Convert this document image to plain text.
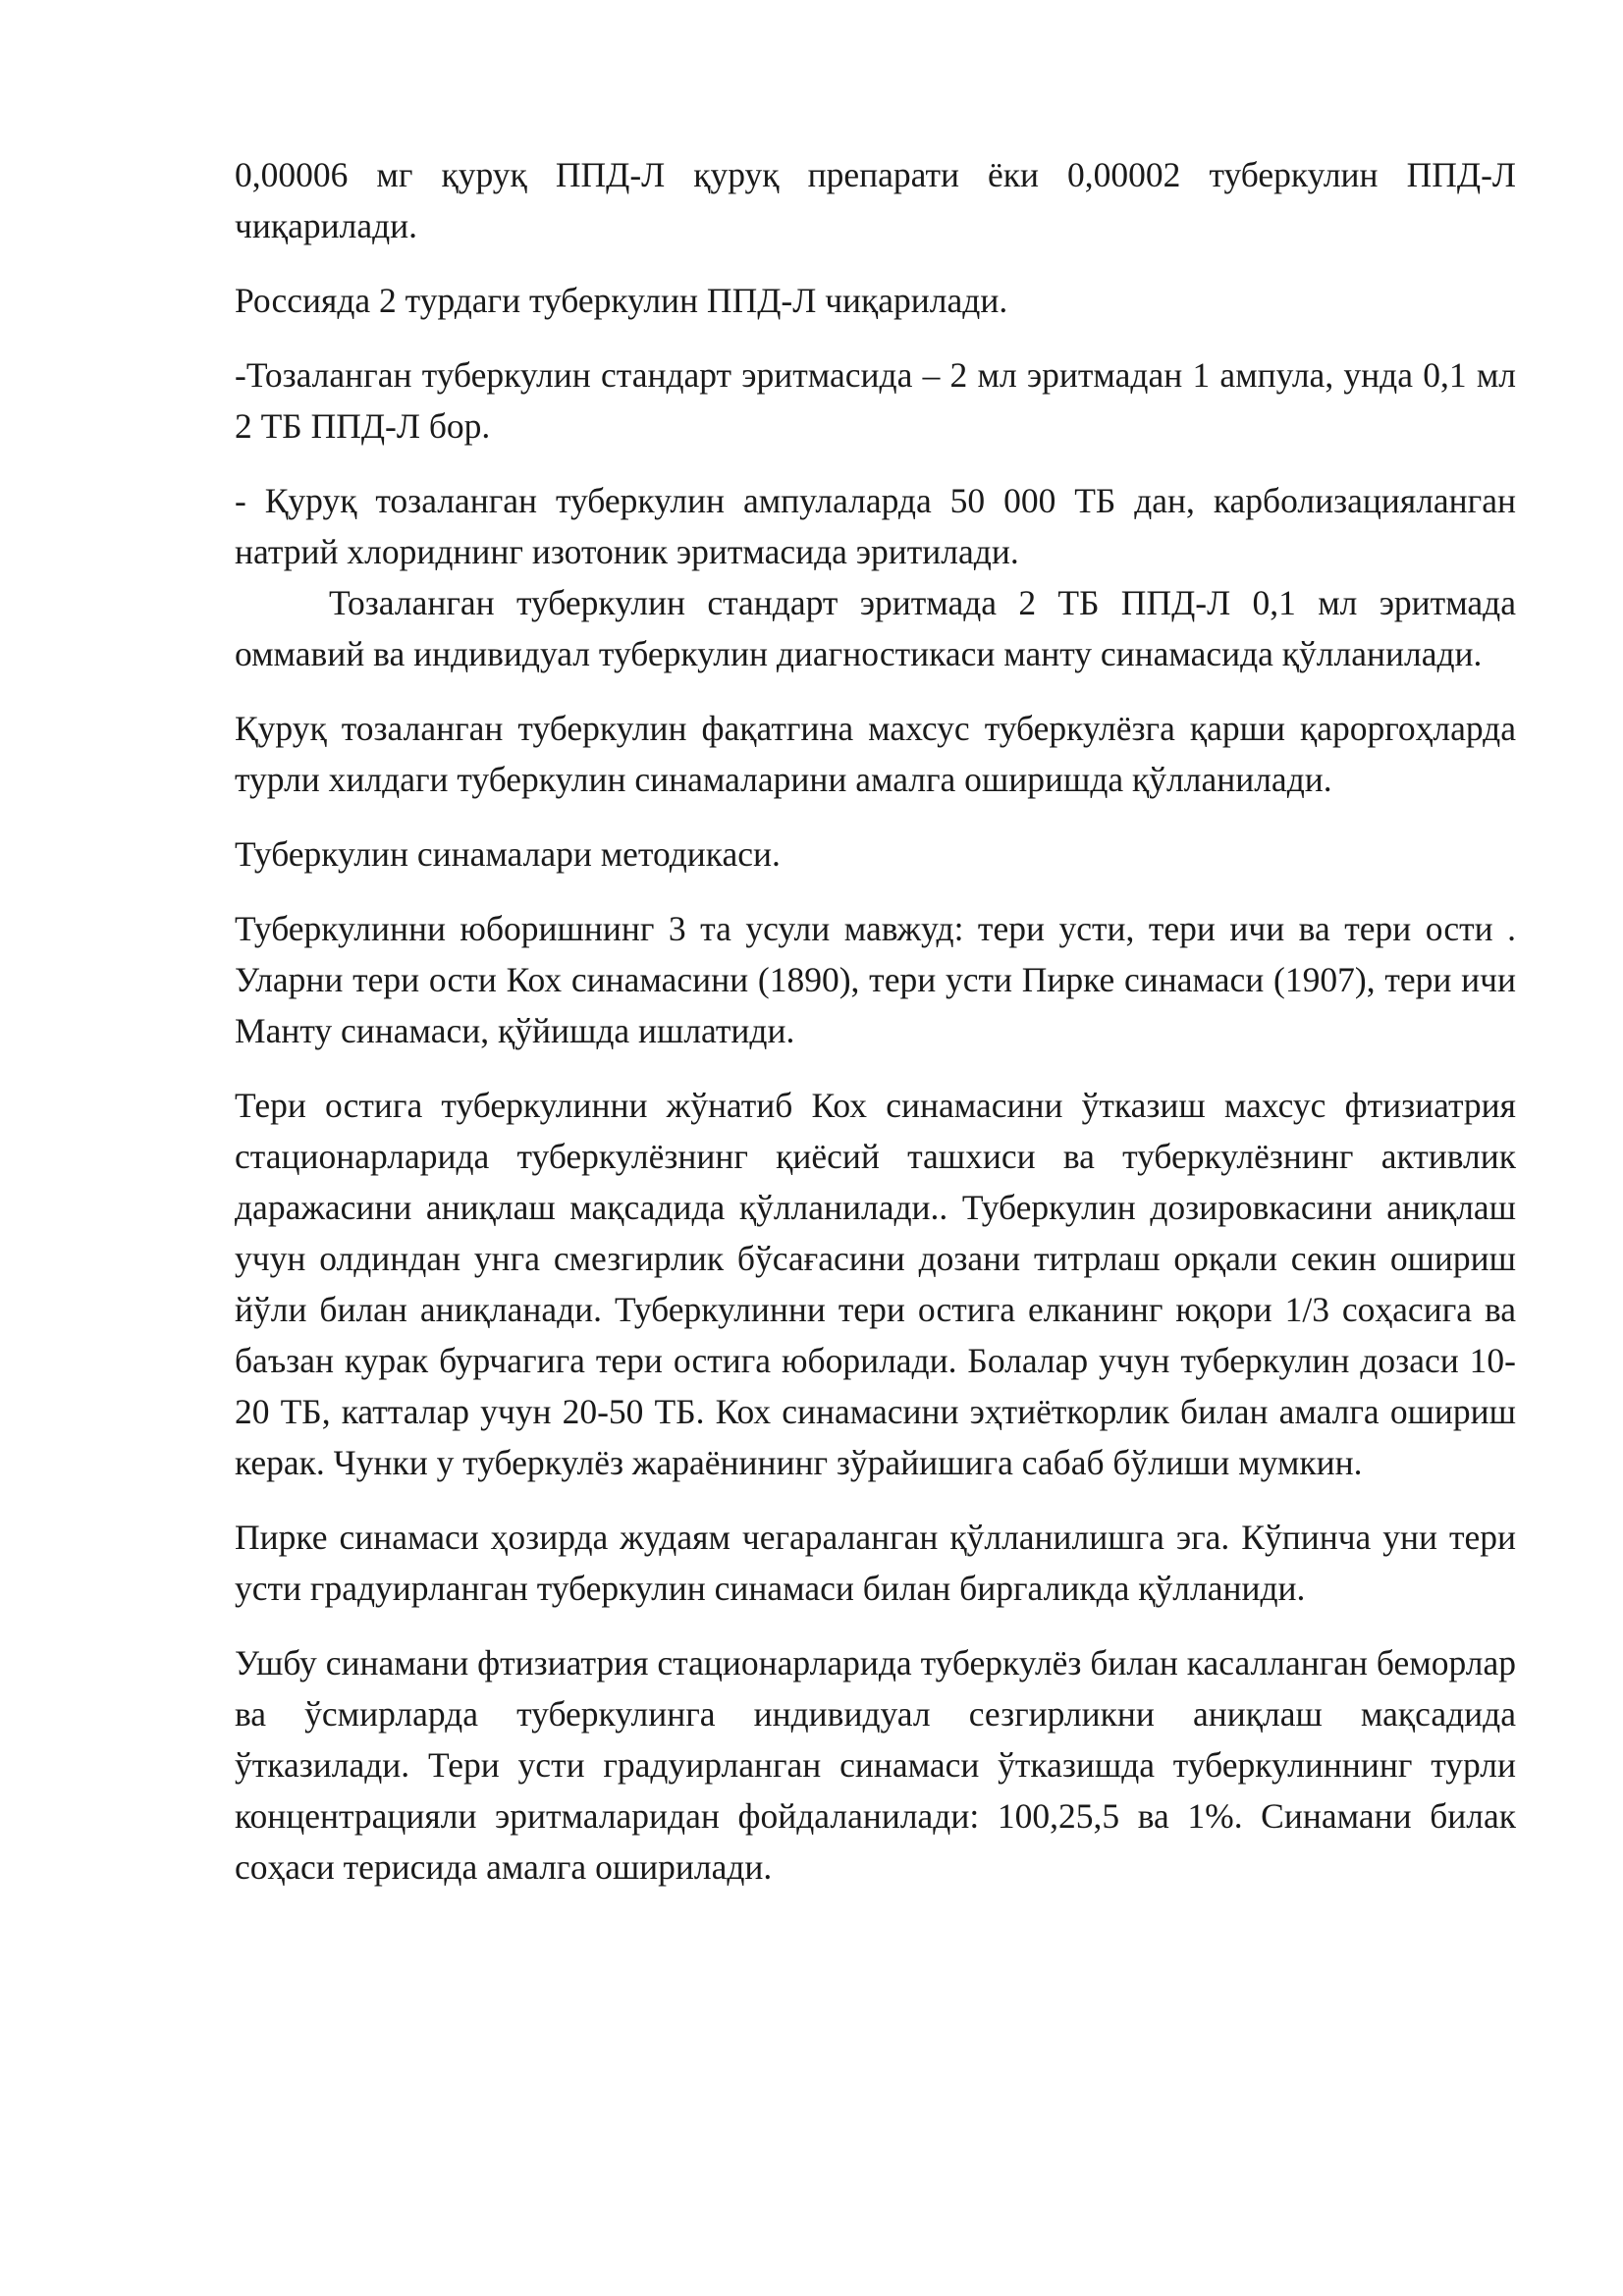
0,00006 мг қуруқ ППД-Л қуруқ препарати ёки 0,00002 туберкулин ППД-Л чиқарилади.

Россияда 2 турдаги туберкулин ППД-Л чиқарилади.

-Тозаланган туберкулин стандарт эритмасида – 2 мл эритмадан 1 ампула, унда 0,1 мл 2 ТБ ППД-Л бор.

- Қуруқ тозаланган туберкулин ампулаларда 50 000 ТБ дан, карболизацияланган натрий хлориднинг изотоник эритмасида эритилади.

Тозаланган туберкулин стандарт эритмада 2 ТБ ППД-Л 0,1 мл эритмада оммавий ва индивидуал туберкулин диагностикаси манту синамасида қўлланилади.

Қуруқ тозаланган туберкулин фақатгина махсус туберкулёзга қарши қароргоҳларда турли хилдаги туберкулин синамаларини амалга оширишда қўлланилади.

Туберкулин синамалари методикаси.

Туберкулинни юборишнинг 3 та усули мавжуд: тери усти, тери ичи ва тери ости . Уларни тери ости Кох синамасини (1890), тери усти Пирке синамаси (1907), тери ичи Манту синамаси, қўйишда ишлатиди.

Тери остига туберкулинни жўнатиб Кох синамасини ўтказиш махсус фтизиатрия стационарларида туберкулёзнинг қиёсий ташхиси ва туберкулёзнинг активлик даражасини аниқлаш мақсадида қўлланилади.. Туберкулин дозировкасини аниқлаш учун олдиндан унга смезгирлик бўсағасини дозани титрлаш орқали секин ошириш йўли билан аниқланади. Туберкулинни тери остига елканинг юқори 1/3 соҳасига ва баъзан курак бурчагига тери остига юборилади. Болалар учун туберкулин дозаси 10-20 ТБ, катталар учун 20-50 ТБ. Кох синамасини эҳтиёткорлик билан амалга ошириш керак. Чунки у туберкулёз жараёнининг зўрайишига сабаб бўлиши мумкин.

Пирке синамаси ҳозирда жудаям чегараланган қўлланилишга эга. Кўпинча уни тери усти градуирланган туберкулин синамаси билан биргаликда қўлланиди.

Ушбу синамани фтизиатрия стационарларида туберкулёз билан касалланган беморлар ва ўсмирларда туберкулинга индивидуал сезгирликни аниқлаш мақсадида ўтказилади. Тери усти градуирланган синамаси ўтказишда туберкулиннинг турли концентрацияли эритмаларидан фойдаланилади: 100,25,5 ва 1%. Синамани билак соҳаси терисида амалга оширилади.
